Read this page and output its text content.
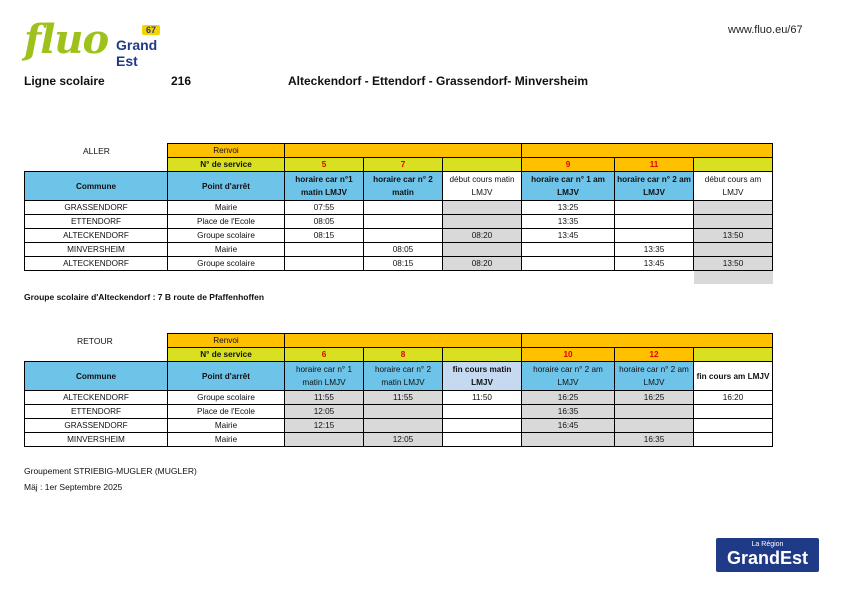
fluo	67
Grand Est
www.fluo.eu/67
Ligne scolaire	216	Alteckendorf - Ettendorf - Grassendorf- Minversheim
ALLER
		Renvoi						
	N° de service	5	7		9	11	
Commune	Point d'arrêt	horaire car n°1 matin LMJV	horaire car n° 2 matin	début cours matin LMJV	horaire car n° 1 am LMJV	horaire car n° 2 am LMJV	début cours am LMJV
GRASSENDORF	Mairie	07:55			13:25		
ETTENDORF	Place de l'Ecole	08:05			13:35		
ALTECKENDORF	Groupe scolaire	08:15		08:20	13:45		13:50
MINVERSHEIM	Mairie		08:05			13:35	
ALTECKENDORF	Groupe scolaire		08:15	08:20		13:45	13:50

Groupe scolaire d'Alteckendorf : 7 B route de Pfaffenhoffen
RETOUR
		Renvoi						
	N° de service	6	8		10	12	
Commune	Point d'arrêt	horaire car n° 1 matin LMJV	horaire car n° 2 matin LMJV	fin cours matin LMJV	horaire car n° 2 am LMJV	horaire car n° 2 am LMJV	fin cours am LMJV
ALTECKENDORF	Groupe scolaire	11:55	11:55	11:50	16:25	16:25	16:20
ETTENDORF	Place de l'Ecole	12:05			16:35		
GRASSENDORF	Mairie	12:15			16:45		
MINVERSHEIM	Mairie		12:05			16:35	
Groupement STRIEBIG-MUGLER (MUGLER)
Mäj : 1er Septembre 2025
La Région
GrandEst
